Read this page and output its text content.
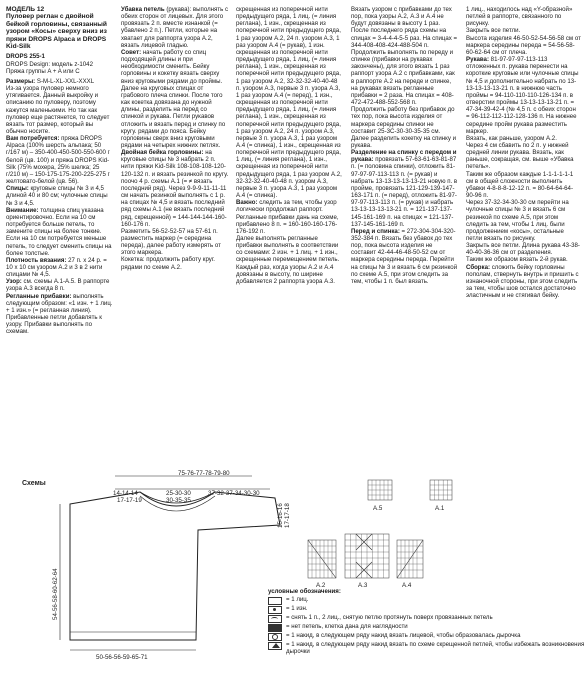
МОДЕЛЬ 12

Пуловер реглан с двойной бейкой горловины, связанный узором «Косы» сверху вниз из пряжи DROPS Alpaca и DROPS Kid-Silk

DROPS 255-1

DROPS Design: модель z-1042

Пряжа группы A + A или C

Размеры: S-M-L-XL-XXL-XXXL

Из-за узора пуловер немного утягивается. Данный выкройку и описанию по пуловеру, поэтому кажутся маленькими. Но так как пуловер еще растянется, то следует вязать тот размер, который вы обычно носите.

Вам потребуется: пряжа DROPS Alpaca (100% шерсть альпака; 50 г/167 м) – 350-400-450-500-550-600 г белой (цв. 100) и пряжа DROPS Kid-Silk (75% мохера, 25% шелка; 25 г/210 м) – 150-175-175-200-225-275 г желтовато-белой (цв. 56).

Спицы: круговые спицы № 3 и 4,5 длиной 40 и 80 см; чулочные спицы № 3 и 4,5.

Внимание: толщина спиц указана ориентировочно. Если на 10 см потребуется больше петель, то замените спицы на более тонкие. Если на 10 см потребуется меньше петель, то следует сменить спицы на более толстые.

Плотность вязания: 27 п. х 24 р. = 10 х 10 см узором А.2 и 3 в 2 нити спицами № 4,5.

Узор: см. схемы А.1-А.5. В раппорте узора А.3 всегда 8 п.

Регланные прибавки: выполнять следующим образом: «1 изн. + 1 лиц. + 1 изн.» (= регланная линия). Прибавленные петли добавлять к узору. Прибавки выполнять по схемам.

Убавка петель (рукава): выполнять с обеих сторон от лицевых. Для этого провязать 2 п. вместе изнанкой (= убавлено 2 п.). Петли, которые на хватает для раппорта узора А.2, вязать лицевой гладью.

Совет: начать работу со спиц подходящей длины и при необходимости сменить. Бейку горловины и кокетку вязать сверху вниз круговыми рядами до проймы. Далее на круговых спицах от грабового плеча спинки. После того как кокетка довязана до нужной длины, разделить на перед со спинкой и рукава. Петли рукавов отложить и вязать перед и спинку по кругу. рядами до пояса. Бейку горловины сверх вниз круговыми рядами на четырех нижних петлях.

Двойная бейка горловины: на круговые спицы № 3 набрать 2 п. нити пряжи Kid-Silk 108-108-108-120-120-132 п. и вязать резинкой по кругу.

поочо 4 р. схемы А.1 (= ≠ вязать последний ряд). Через 9-9-9-11-11-11 см начать резинкой выполнять с 1 р. на спицах № 4,5 и вязать последний ряд схемы А.1 (не вязать последний ряд, скрещенной) = 144-144-144-160-160-176 п.

Разметить 56-52-52-57 на 57-61 п. разместить маркер (= середина переда), далее работу измерять от этого маркера.

Кокетка: продолжить работу круг. рядами по схеме А.2.

скрещенная из поперечной нити предыдущего ряда, 1 лиц. (= линия реглана), 1 изн., скрещенная из поперечной нити предыдущего ряда, 1 раз узором А.2, 24 п. узором А.3, 1 раз узором А.4 (= рукав), 1 изн. скрещенная из поперечной нити предыдущего ряда, 1 лиц. (= линия реглана), 1 изн., скрещенная из поперечной нити предыдущего ряда, 1 раз узором А.2, 32-32-32-40-40-48 п. узором А.3, первые 3 п. узора А.3, 1 раз узором А.4 (= перед), 1 изн., скрещенная из поперечной нити предыдущего ряда, 1 лиц. (= линия реглана), 1 изн., скрещенная из поперечной нити предыдущего ряда, 1 раз узором А.2, 24 п. узором А.3, первые 3 п. узора А.3, 1 раз узором А.4 (= спинка), 1 изн., скрещенная из поперечной нити предыдущего ряда, 1 лиц. (= линия реглана), 1 изн., скрещенная из поперечной нити предыдущего ряда, 1 раз узором А.2, 32-32-32-40-40-48 п. узором А.3, первые 3 п. узора А.3, 1 раз узором А.4 (= спинка).

Важно: следить за тем, чтобы узор логически продолжал раппорт.

Регланные прибавки дань на схеме, прибавлено 8 п. = 160-160-160-176-176-192 п.

Далее выполнять регланные прибавки выполнять в соответствии со схемами: 2 изн. + 1 лиц. + 1 изн., скрещенные перемещением петель. Каждый раз, когда узоры А.2 и А.4 довязаны в высоту, по ширине добавляется 2 раппорта узора А.3.

Вязать узором с прибавками до тех пор, пока узоры А.2, А.3 и А.4 не будут довязаны в высоту 1 раз. После последнего ряда схемы на спицах = 3-4-4-4-5-5 раз. На спицах = 344-408-408-424-488-504 п. Продолжить выполнять по переду и спинке (прибавки на рукавах закончены), для этого вязать 1 раз раппорт узора А.2 с прибавками, как в раппорте А.2 на переде и спинке, на рукавах вязать регланные прибавки = 2 раза. На спицах = 408-472-472-488-552-568 п.

Продолжить работу без прибавок до тех пор, пока высота изделия от маркера середины спинки не составит 25-3С-30-30-35-35 см.

Далее разделить кокетку на спинку и рукава.

Разделение на спинку с передом и рукава: провязать 57-63-61-63-81-87 п. (= половина спинки), отложить 81-97-97-97-113-113 п. (= рукав) и набрать 13-13-13-13-13-21 новую п. в пройме, провязать 121-129-139-147-163-171 п. (= перед), отложить 81-97-97-97-113-113 п. (= рукав) и набрать 13-13-13-13-13-21 п. = 121-137-137-145-161-169 п. на спицах = 121-137-137-145-161-169 п.

Перед и спинка: = 272-304-304-320-352-384 п. Вязать без убавок до тех пор, пока высота изделия не составит 42-44-46-48-50-52 см от маркера середины переда. Перейти на спицы № 3 и вязать 6 см резинкой по схеме А.5, при этом следить за тем, чтобы 1 п. был вязать.

1 лиц., находилось над «Y-образной» петлей в раппорте, связанного по рисунку.

Закрыть все петли.

Высота изделия 46-50-52-54-56-58 см от маркера середины переда = 54-56-58-60-62-64 см от плеча.

Рукава: 81-97-97-97-113-113 отложенных п. рукава перенести на короткие круговые или чулочные спицы № 4,5 и дополнительно набрать по 13-13-13-13-13-21 п. в нижнюю часть проймы = 94-110-110-110-126-134 п. в отверстии проймы 13-13-13-13-21 п. = 47-34-39-42-4 (№ 4,5 п. с обеих сторон = 96-112-112-112-128-136 п. На нижнее середине пройм рукава разместить маркер.

Вязать, как раньше, узором А.2.

Через 4 см сбавить по 2 п. у нижней средней линии рукава. Вязать, как раньше, сокращая, см. выше «Убавка петель».

Таким же образом каждые 1-1-1-1-1-1 см в общей сложности выполнить убавки 4-8-8-8-12-12 п. = 80-64-64-64-90-96 п.

Через 37-32-34-30-30 см перейти на чулочные спицы № 3 и вязать 6 см резинкой по схеме А.5, при этом следить за тем, чтобы 1 лиц. были продолжением «косы», остальные петли вязать по рисунку.

Закрыть все петли. Длина рукава 43-38-40-40-36-36 см от разделения.

Таким же образом вязать 2-й рукав.

Сборка: сложить бейку горловины пополам, ствернуть внутрь и пришить с изнаночной стороны, при этом следить за тем, чтобы шов остался достаточно эластичным и не стягивал бейку.

Схемы
75-76-77-78-79-80
14-14-14
17-17-19
25-30-30
30-35-35
37-32-37-34-30-30
54-56-58-60-62-64
17-17-18
15-16-16
50-56-56-59-65-71
A.2	A.3	A.4
A.5	A.1
условные обозначения:
= 1 лиц.
= 1 изн.
= снять 1 п., 2 лиц., снятую петлю протянуть поверх провязанных петель
= нет петель, клетка дана для наглядности
= 1 накид, в следующем ряду накид вязать лицевой, чтобы образовалась дырочка
= 1 накид, в следующем ряду накид вязать по схеме скрещенной петлей, чтобы избежать возникновения дырочки
